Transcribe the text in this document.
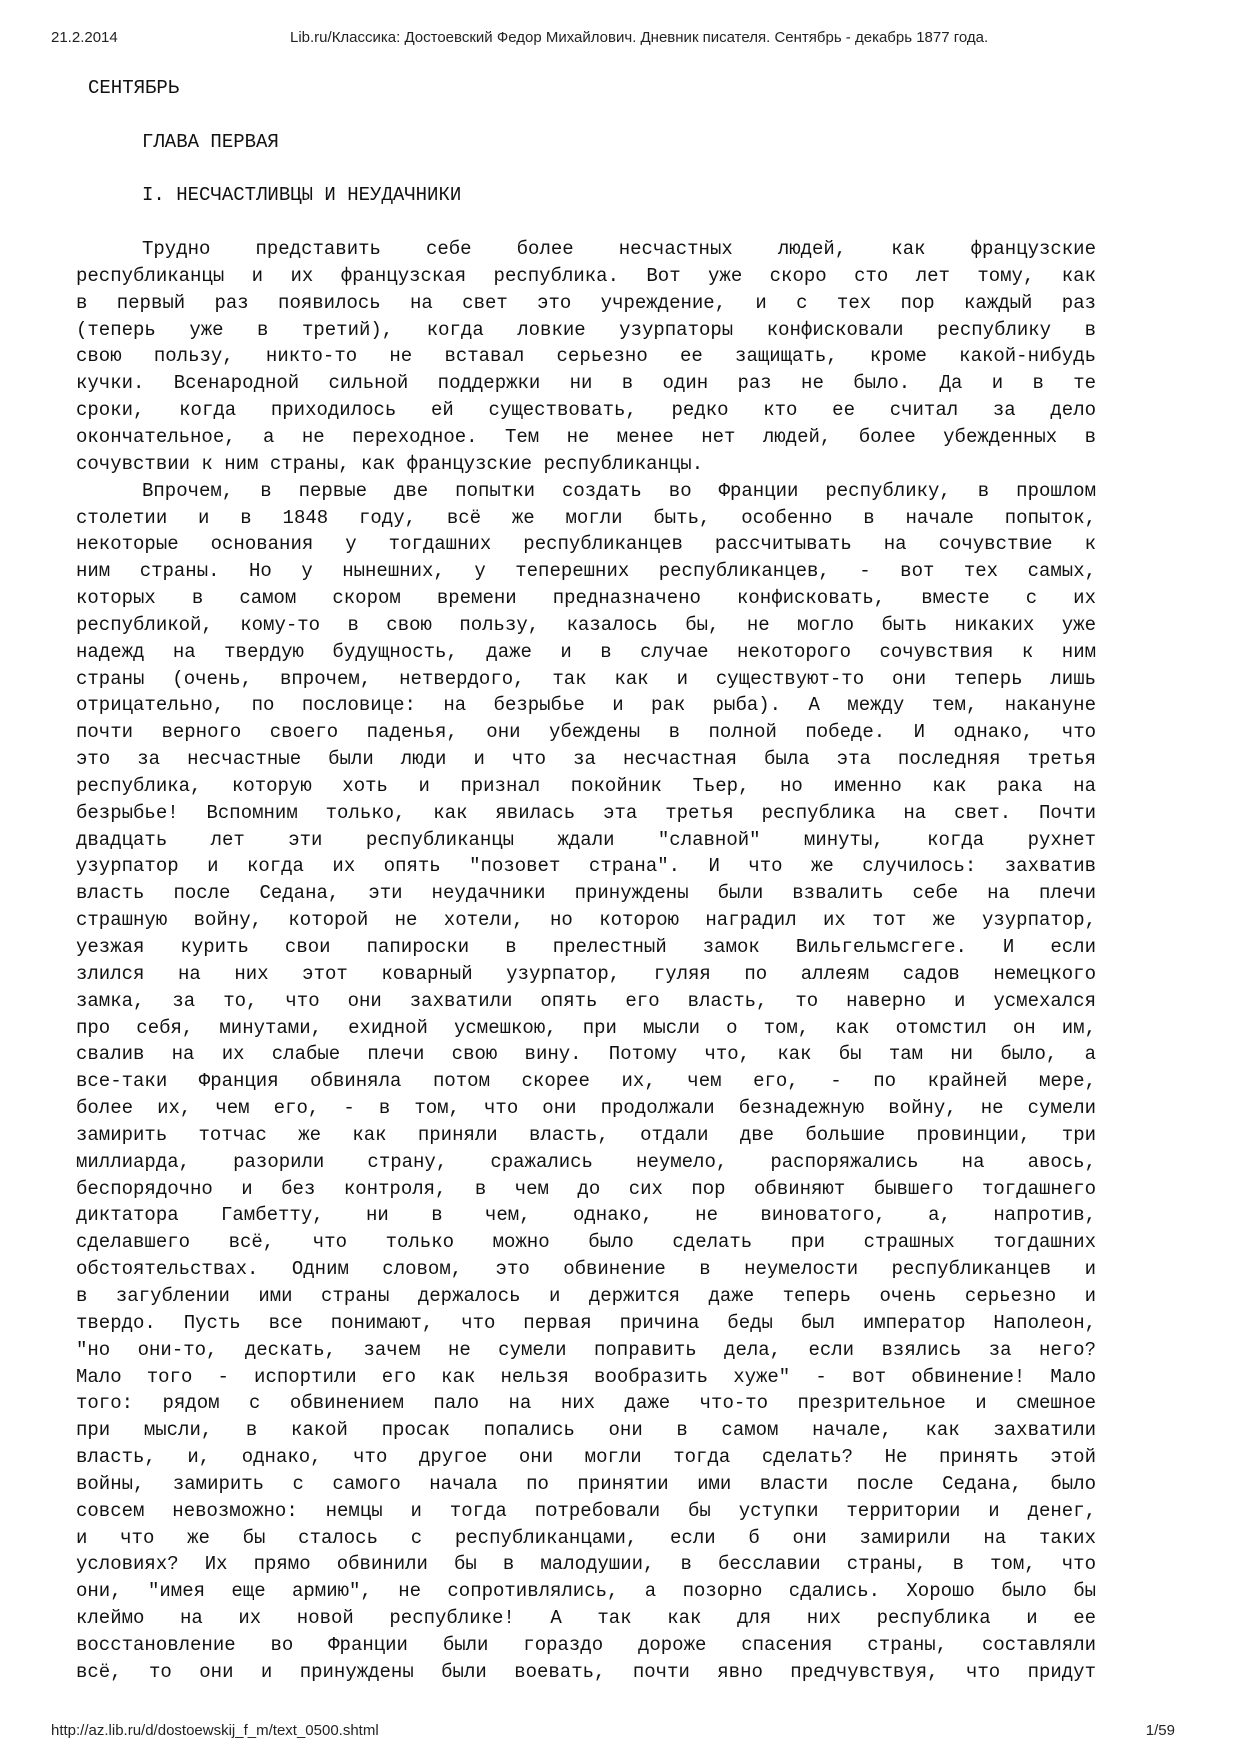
21.2.2014	Lib.ru/Классика: Достоевский Федор Михайлович. Дневник писателя. Сентябрь - декабрь 1877 года.
СЕНТЯБРЬ
ГЛАВА ПЕРВАЯ
I. НЕСЧАСТЛИВЦЫ И НЕУДАЧНИКИ
Трудно представить себе более несчастных людей, как французские
республиканцы и их французская республика. Вот уже скоро сто лет тому, как
в первый раз появилось на свет это учреждение, и с тех пор каждый раз
(теперь уже в третий), когда ловкие узурпаторы конфисковали республику в
свою пользу, никто-то не вставал серьезно ее защищать, кроме какой-нибудь
кучки. Всенародной сильной поддержки ни в один раз не было. Да и в те
сроки, когда приходилось ей существовать, редко кто ее считал за дело
окончательное, а не переходное. Тем не менее нет людей, более убежденных в
сочувствии к ним страны, как французские республиканцы.
Впрочем, в первые две попытки создать во Франции республику, в прошлом
столетии и в 1848 году, всё же могли быть, особенно в начале попыток,
некоторые основания у тогдашних республиканцев рассчитывать на сочувствие к
ним страны. Но у нынешних, у теперешних республиканцев, - вот тех самых,
которых в самом скором времени предназначено конфисковать, вместе с их
республикой, кому-то в свою пользу, казалось бы, не могло быть никаких уже
надежд на твердую будущность, даже и в случае некоторого сочувствия к ним
страны (очень, впрочем, нетвердого, так как и существуют-то они теперь лишь
отрицательно, по пословице: на безрыбье и рак рыба). А между тем, накануне
почти верного своего паденья, они убеждены в полной победе. И однако, что
это за несчастные были люди и что за несчастная была эта последняя третья
республика, которую хоть и признал покойник Тьер, но именно как рака на
безрыбье! Вспомним только, как явилась эта третья республика на свет. Почти
двадцать лет эти республиканцы ждали "славной" минуты, когда рухнет
узурпатор и когда их опять "позовет страна". И что же случилось: захватив
власть после Седана, эти неудачники принуждены были взвалить себе на плечи
страшную войну, которой не хотели, но которою наградил их тот же узурпатор,
уезжая курить свои папироски в прелестный замок Вильгельмсгеге. И если
злился на них этот коварный узурпатор, гуляя по аллеям садов немецкого
замка, за то, что они захватили опять его власть, то наверно и усмехался
про себя, минутами, ехидной усмешкою, при мысли о том, как отомстил он им,
свалив на их слабые плечи свою вину. Потому что, как бы там ни было, а
все-таки Франция обвиняла потом скорее их, чем его, - по крайней мере,
более их, чем его, - в том, что они продолжали безнадежную войну, не сумели
замирить тотчас же как приняли власть, отдали две большие провинции, три
миллиарда, разорили страну, сражались неумело, распоряжались на авось,
беспорядочно и без контроля, в чем до сих пор обвиняют бывшего тогдашнего
диктатора Гамбетту, ни в чем, однако, не виноватого, а, напротив,
сделавшего всё, что только можно было сделать при страшных тогдашних
обстоятельствах. Одним словом, это обвинение в неумелости республиканцев и
в загублении ими страны держалось и держится даже теперь очень серьезно и
твердо. Пусть все понимают, что первая причина беды был император Наполеон,
"но они-то, дескать, зачем не сумели поправить дела, если взялись за него?
Мало того - испортили его как нельзя вообразить хуже" - вот обвинение! Мало
того: рядом с обвинением пало на них даже что-то презрительное и смешное
при мысли, в какой просак попались они в самом начале, как захватили
власть, и, однако, что другое они могли тогда сделать? Не принять этой
войны, замирить с самого начала по принятии ими власти после Седана, было
совсем невозможно: немцы и тогда потребовали бы уступки территории и денег,
и что же бы сталось с республиканцами, если б они замирили на таких
условиях? Их прямо обвинили бы в малодушии, в бесславии страны, в том, что
они, "имея еще армию", не сопротивлялись, а позорно сдались. Хорошо было бы
клеймо на их новой республике! А так как для них республика и ее
восстановление во Франции были гораздо дороже спасения страны, составляли
всё, то они и принуждены были воевать, почти явно предчувствуя, что придут
http://az.lib.ru/d/dostoewskij_f_m/text_0500.shtml	1/59
